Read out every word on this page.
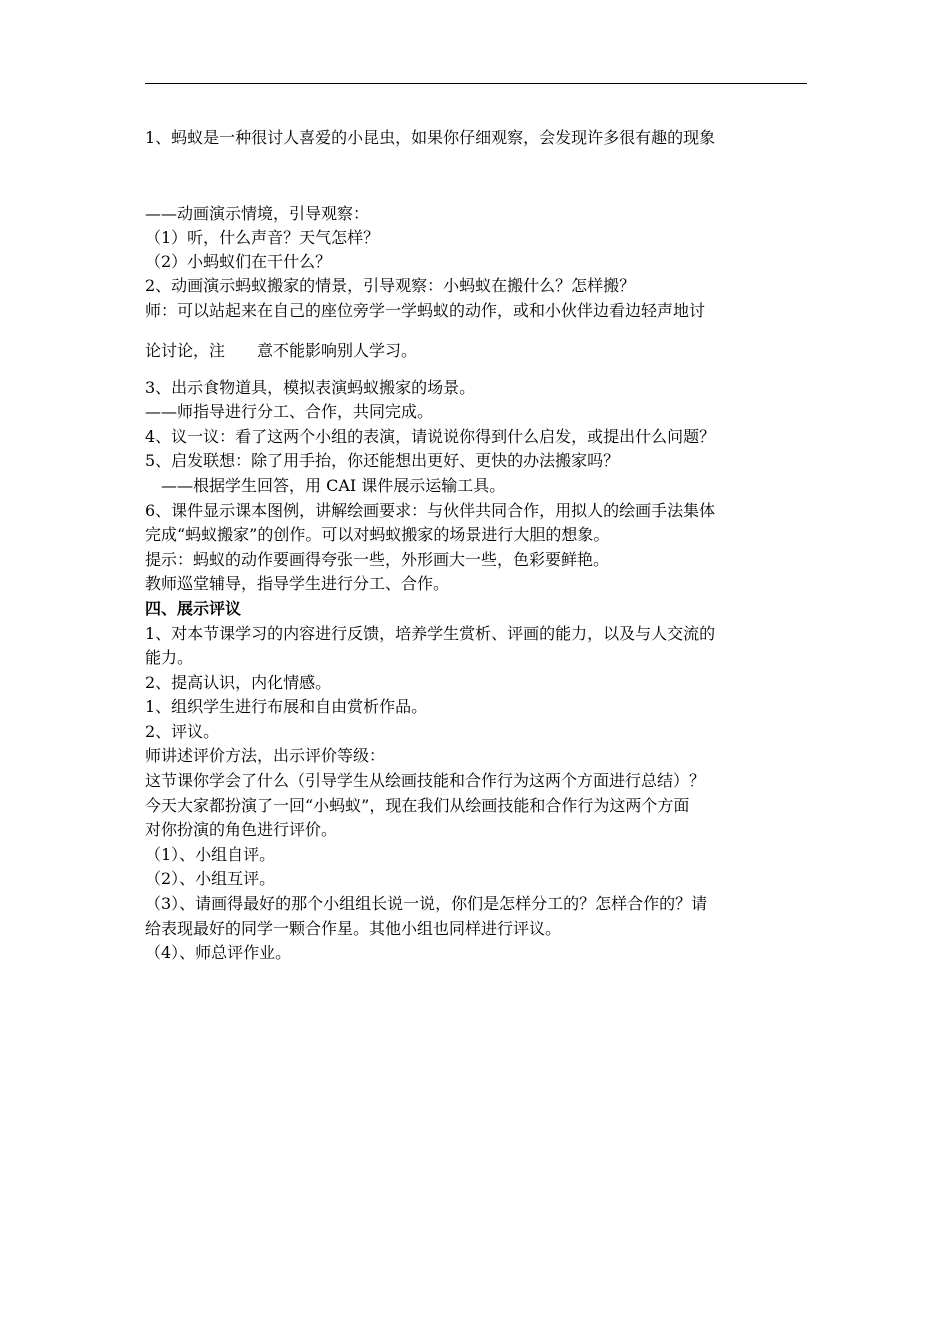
1、蚂蚁是一种很讨人喜爱的小昆虫，如果你仔细观察，会发现许多很有趣的现象
——动画演示情境，引导观察：
（1）听，什么声音？天气怎样？
（2）小蚂蚁们在干什么？
2、动画演示蚂蚁搬家的情景，引导观察：小蚂蚁在搬什么？怎样搬？
师：可以站起来在自己的座位旁学一学蚂蚁的动作，或和小伙伴边看边轻声地讨
论讨论，注　　意不能影响别人学习。
3、出示食物道具，模拟表演蚂蚁搬家的场景。
——师指导进行分工、合作，共同完成。
4、议一议：看了这两个小组的表演，请说说你得到什么启发，或提出什么问题？
5、启发联想：除了用手抬，你还能想出更好、更快的办法搬家吗？
　——根据学生回答，用 CAI 课件展示运输工具。
6、课件显示课本图例，讲解绘画要求：与伙伴共同合作，用拟人的绘画手法集体
完成“蚂蚁搬家”的创作。可以对蚂蚁搬家的场景进行大胆的想象。
提示：蚂蚁的动作要画得夸张一些，外形画大一些，色彩要鲜艳。
教师巡堂辅导，指导学生进行分工、合作。
四、展示评议
1、对本节课学习的内容进行反馈，培养学生赏析、评画的能力，以及与人交流的
能力。
2、提高认识，内化情感。
1、组织学生进行布展和自由赏析作品。
2、评议。
师讲述评价方法，出示评价等级：
这节课你学会了什么（引导学生从绘画技能和合作行为这两个方面进行总结）？
今天大家都扮演了一回“小蚂蚁”，现在我们从绘画技能和合作行为这两个方面
对你扮演的角色进行评价。
（1）、小组自评。
（2）、小组互评。
（3）、请画得最好的那个小组组长说一说，你们是怎样分工的？怎样合作的？请
给表现最好的同学一颗合作星。其他小组也同样进行评议。
（4）、师总评作业。
